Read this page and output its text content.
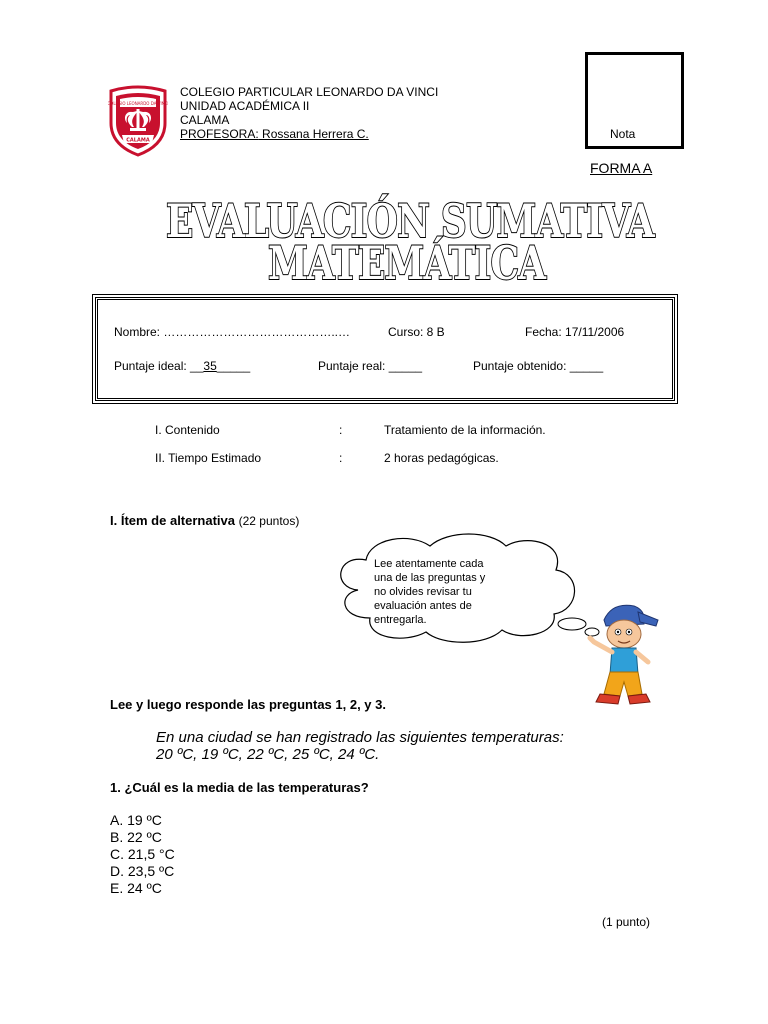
COLEGIO LEONARDO DA VINCI
CALAMA
COLEGIO PARTICULAR LEONARDO DA VINCI
UNIDAD ACADÉMICA II
CALAMA
PROFESORA: Rossana Herrera C.	Nota
FORMA A
EVALUACIÓN SUMATIVA
MATEMÁTICA
Nombre: ……………………………………..…	Curso: 8 B	Fecha: 17/11/2006
Puntaje ideal: __35_____	Puntaje real: _____	Puntaje obtenido: _____
I. Contenido	:	Tratamiento de la información.
II. Tiempo Estimado	:	2 horas pedagógicas.
I. Ítem de alternativa (22 puntos)
Lee atentamente cada
una de las preguntas y
no olvides revisar tu
evaluación antes de
entregarla.
Lee y luego responde las preguntas 1, 2, y 3.
En una ciudad se han registrado las siguientes temperaturas:
20 ºC, 19 ºC, 22 ºC, 25 ºC, 24 ºC.
1. ¿Cuál es la media de las temperaturas?
A. 19 ºC
B. 22 ºC
C. 21,5 °C
D. 23,5 ºC
E. 24 ºC
(1 punto)
